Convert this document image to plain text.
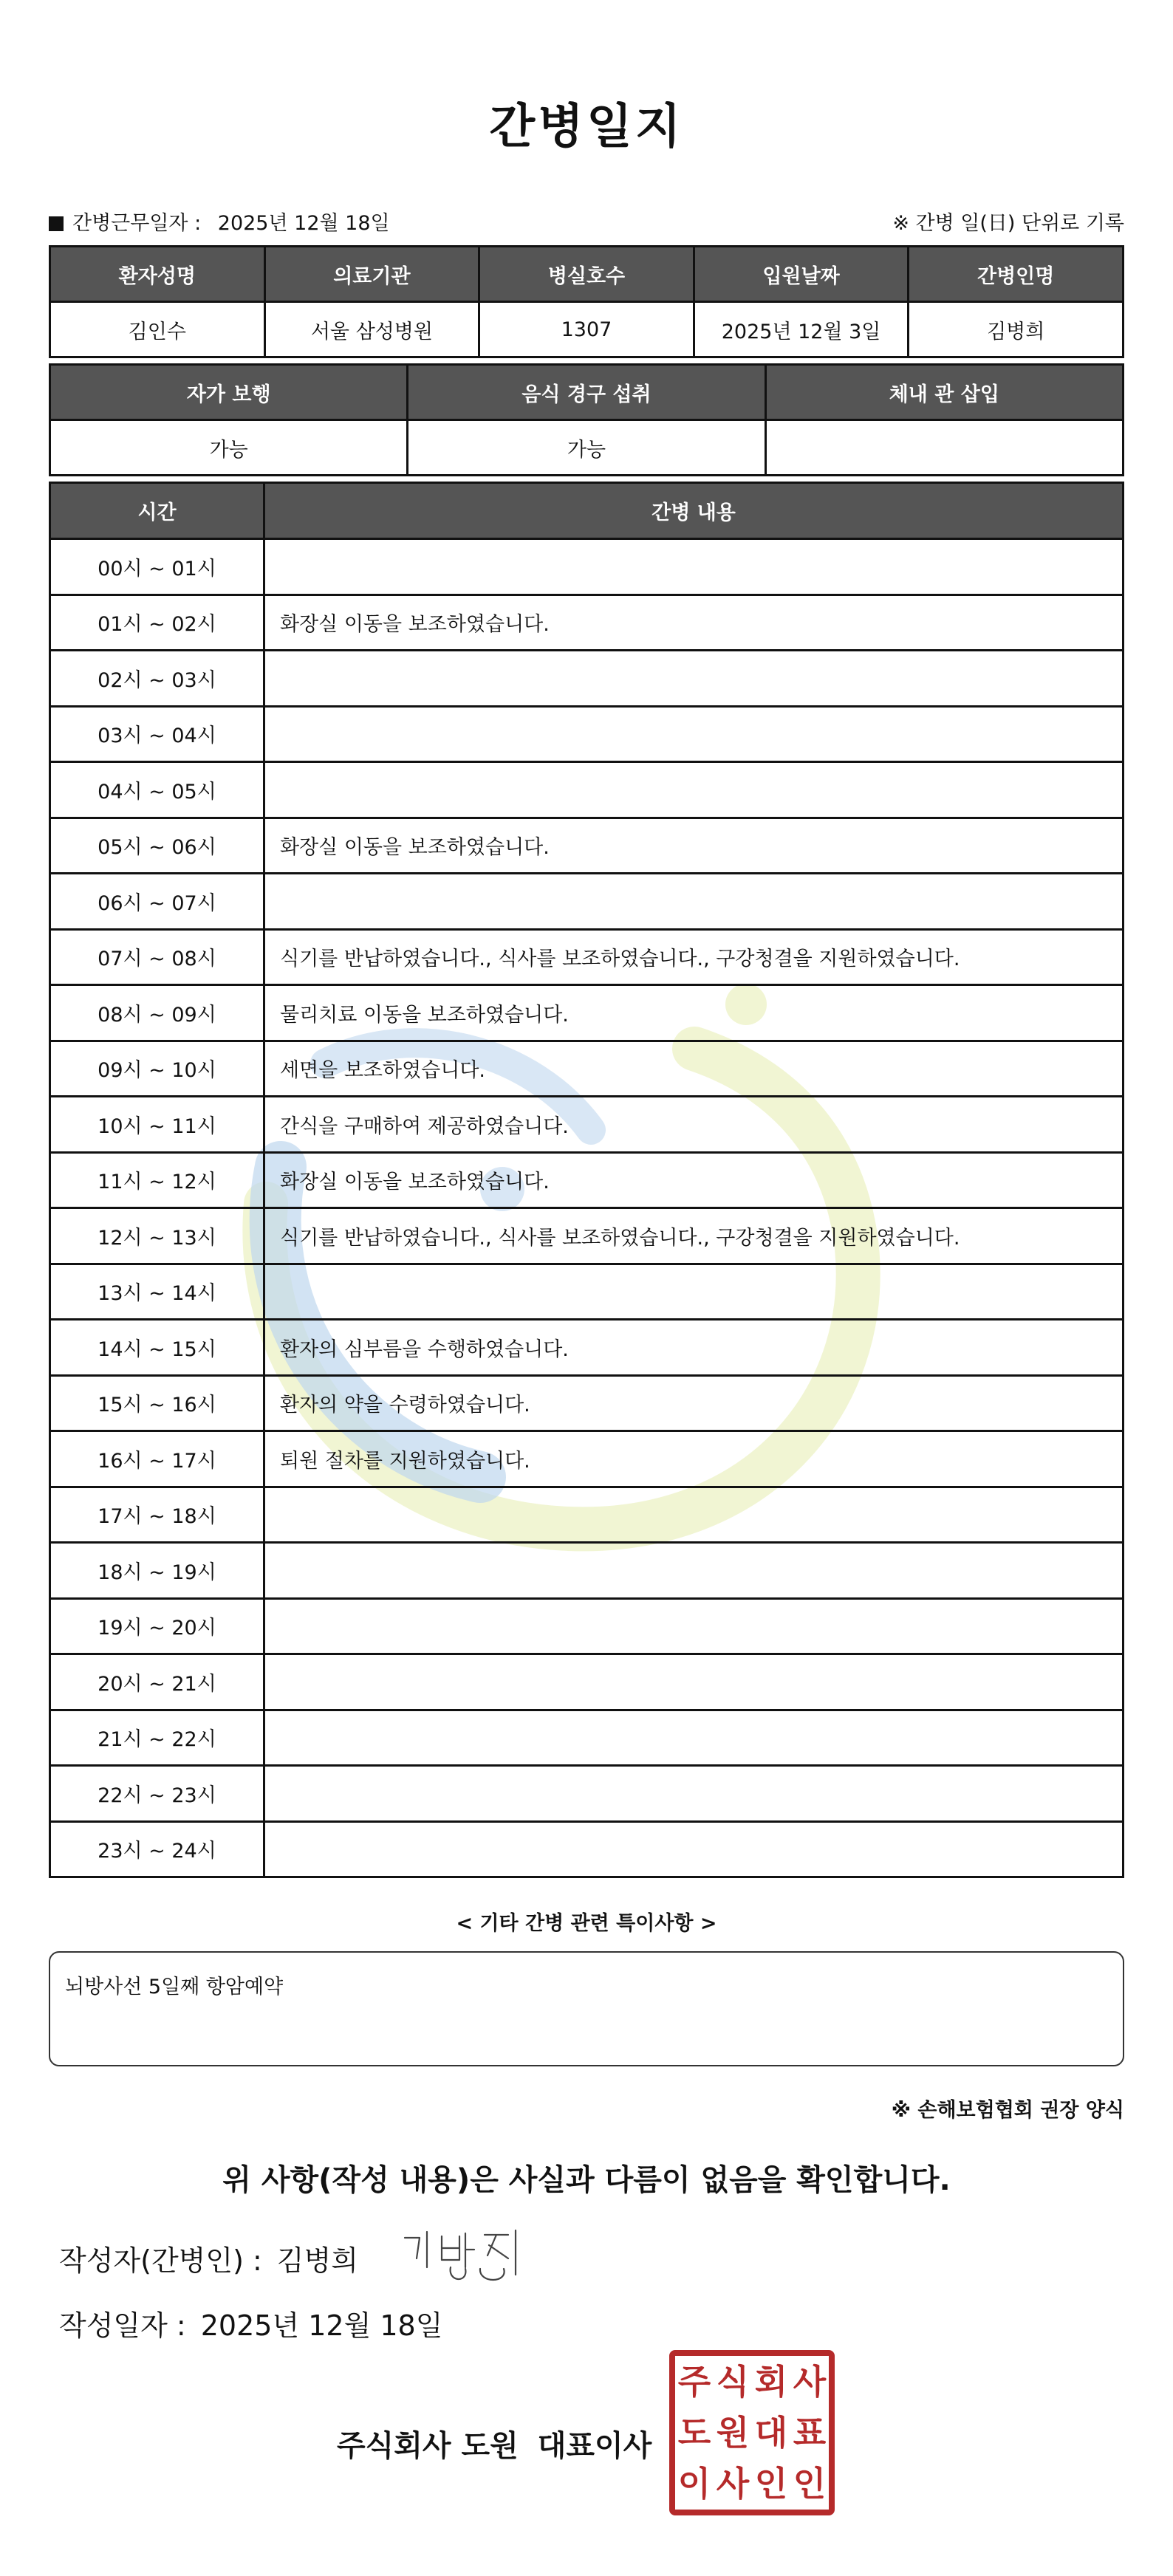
간병일지
간병근무일자 : 2025년 12월 18일	※ 간병 일(日) 단위로 기록
환자성명	의료기관	병실호수	입원날짜	간병인명
김인수	서울 삼성병원	1307	2025년 12월 3일	김병희
자가 보행	음식 경구 섭취	체내 관 삽입
가능	가능	
시간	간병 내용
00시 ~ 01시	
01시 ~ 02시	화장실 이동을 보조하였습니다.
02시 ~ 03시	
03시 ~ 04시	
04시 ~ 05시	
05시 ~ 06시	화장실 이동을 보조하였습니다.
06시 ~ 07시	
07시 ~ 08시	식기를 반납하였습니다., 식사를 보조하였습니다., 구강청결을 지원하였습니다.
08시 ~ 09시	물리치료 이동을 보조하였습니다.
09시 ~ 10시	세면을 보조하였습니다.
10시 ~ 11시	간식을 구매하여 제공하였습니다.
11시 ~ 12시	화장실 이동을 보조하였습니다.
12시 ~ 13시	식기를 반납하였습니다., 식사를 보조하였습니다., 구강청결을 지원하였습니다.
13시 ~ 14시	
14시 ~ 15시	환자의 심부름을 수행하였습니다.
15시 ~ 16시	환자의 약을 수령하였습니다.
16시 ~ 17시	퇴원 절차를 지원하였습니다.
17시 ~ 18시	
18시 ~ 19시	
19시 ~ 20시	
20시 ~ 21시	
21시 ~ 22시	
22시 ~ 23시	
23시 ~ 24시	
< 기타 간병 관련 특이사항 >
뇌방사선 5일째 항암예약
※ 손해보험협회 권장 양식
위 사항(작성 내용)은 사실과 다름이 없음을 확인합니다.
작성자(간병인) : 김병희
작성일자 : 2025년 12월 18일
주식회사 도원 대표이사
주 식 회 사
도 원 대 표
이 사 인 인
